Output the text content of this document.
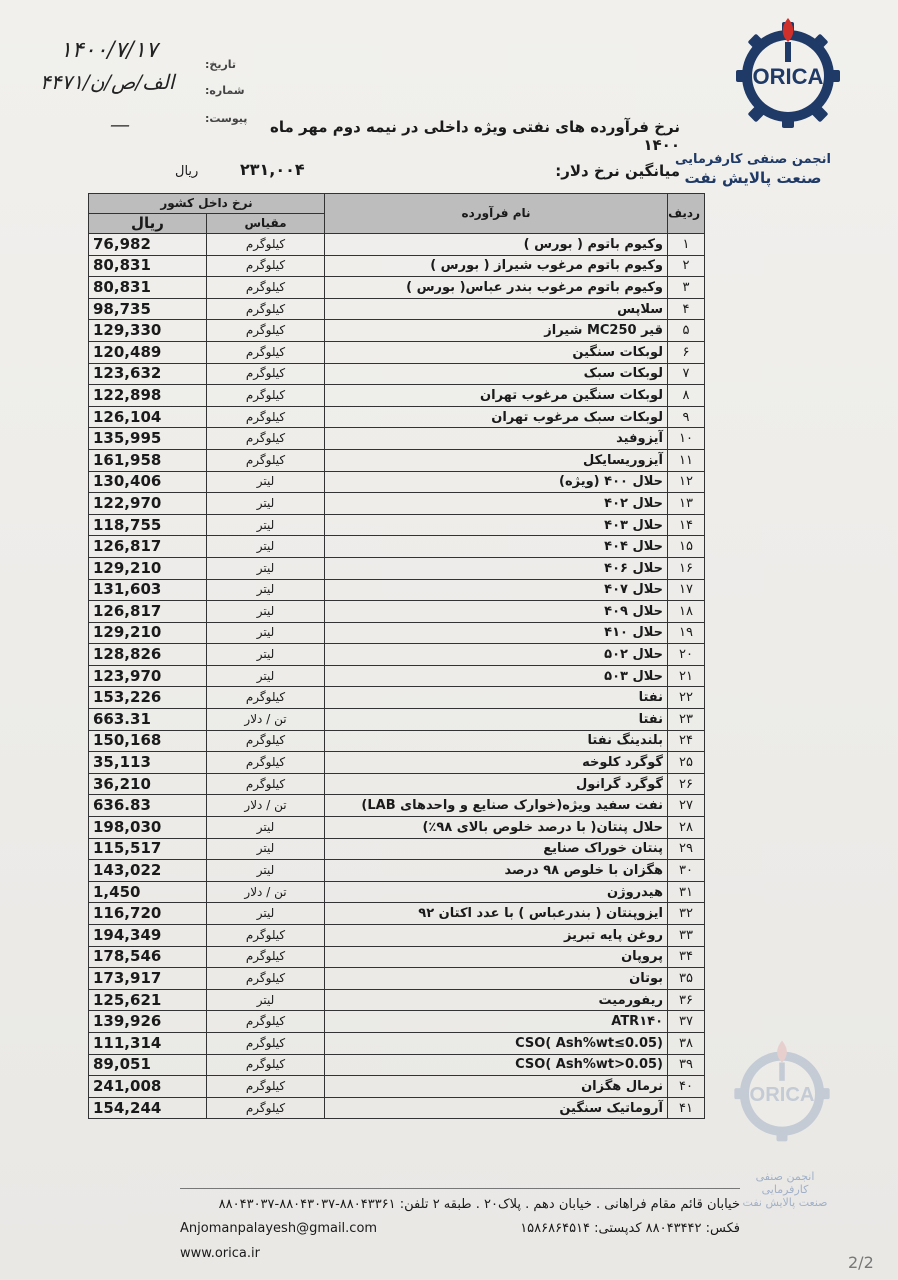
ORICA
انجمن صنفی کارفرمایی
صنعت پالایش نفت
تاریخ:
۱۴۰۰/۷/۱۷
شماره:
۴۴۷۱/الف/ص/ن
پیوست:
—	نرخ فرآورده های نفتی ویژه داخلی در نیمه دوم مهر ماه ۱۴۰۰
میانگین نرخ دلار:
۲۳۱,۰۰۴
ریال
ردیف	نام فرآورده	نرخ داخل کشور	
		مقیاس	ریال
۱	وکیوم باتوم ( بورس )	کیلوگرم	76,982
۲	وکیوم باتوم مرغوب شیراز ( بورس )	کیلوگرم	80,831
۳	وکیوم باتوم مرغوب بندر عباس( بورس )	کیلوگرم	80,831
۴	سلاپس	کیلوگرم	98,735
۵	قیر MC250 شیراز	کیلوگرم	129,330
۶	لوبکات سنگین	کیلوگرم	120,489
۷	لوبکات سبک	کیلوگرم	123,632
۸	لوبکات سنگین مرغوب تهران	کیلوگرم	122,898
۹	لوبکات سبک مرغوب تهران	کیلوگرم	126,104
۱۰	آیزوفید	کیلوگرم	135,995
۱۱	آیزوریسایکل	کیلوگرم	161,958
۱۲	حلال ۴۰۰ (ویژه)	لیتر	130,406
۱۳	حلال ۴۰۲	لیتر	122,970
۱۴	حلال ۴۰۳	لیتر	118,755
۱۵	حلال ۴۰۴	لیتر	126,817
۱۶	حلال ۴۰۶	لیتر	129,210
۱۷	حلال ۴۰۷	لیتر	131,603
۱۸	حلال ۴۰۹	لیتر	126,817
۱۹	حلال ۴۱۰	لیتر	129,210
۲۰	حلال ۵۰۲	لیتر	128,826
۲۱	حلال ۵۰۳	لیتر	123,970
۲۲	نفتا	کیلوگرم	153,226
۲۳	نفتا	تن / دلار	663.31
۲۴	بلندینگ نفتا	کیلوگرم	150,168
۲۵	گوگرد کلوخه	کیلوگرم	35,113
۲۶	گوگرد گرانول	کیلوگرم	36,210
۲۷	نفت سفید ویژه(خوارک صنایع و واحدهای LAB)	تن / دلار	636.83
۲۸	حلال پنتان( با درصد خلوص بالای ۹۸٪)	لیتر	198,030
۲۹	پنتان خوراک صنایع	لیتر	115,517
۳۰	هگزان با خلوص ۹۸ درصد	لیتر	143,022
۳۱	هیدروژن	تن / دلار	1,450
۳۲	ایزوپنتان ( بندرعباس ) با عدد اکتان ۹۲	لیتر	116,720
۳۳	روغن پایه تبریز	کیلوگرم	194,349
۳۴	پروپان	کیلوگرم	178,546
۳۵	بوتان	کیلوگرم	173,917
۳۶	ریفورمیت	لیتر	125,621
۳۷	ATR۱۴۰	کیلوگرم	139,926
۳۸	CSO( Ash%wt≤0.05)	کیلوگرم	111,314
۳۹	CSO( Ash%wt>0.05)	کیلوگرم	89,051
۴۰	نرمال هگزان	کیلوگرم	241,008
۴۱	آروماتیک سنگین	کیلوگرم	154,244
ORICA
انجمن صنفی کارفرمایی
صنعت پالایش نفت
خیابان قائم مقام فراهانی . خیابان دهم . پلاک۲۰ . طبقه ۲ تلفن: ۸۸۰۴۳۳۶۱-۸۸۰۴۳۰۳۷-۸۸۰۴۳۰۳۷
Anjomanpalayesh@gmail.com	فکس: ۸۸۰۴۳۴۴۲ کدپستی: ۱۵۸۶۸۶۴۵۱۴
www.orica.ir	2/2
